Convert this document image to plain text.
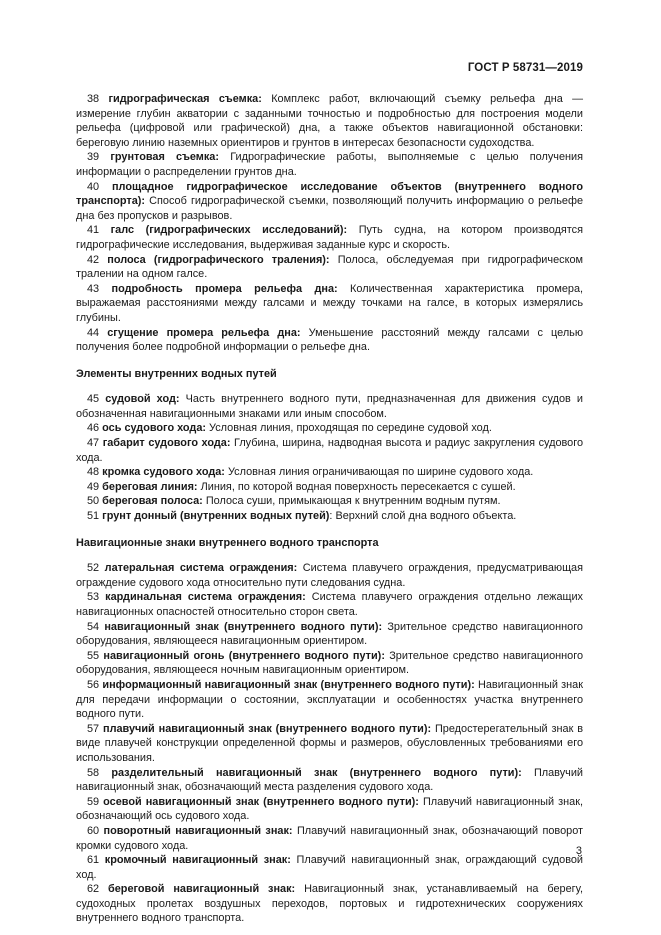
ГОСТ Р 58731—2019

38 гидрографическая съемка: Комплекс работ, включающий съемку рельефа дна — измерение глубин акватории с заданными точностью и подробностью для построения модели рельефа (цифровой или графической) дна, а также объектов навигационной обстановки: береговую линию наземных ориентиров и грунтов в интересах безопасности судоходства.

39 грунтовая съемка: Гидрографические работы, выполняемые с целью получения информации о распределении грунтов дна.

40 площадное гидрографическое исследование объектов (внутреннего водного транспорта): Способ гидрографической съемки, позволяющий получить информацию о рельефе дна без пропусков и разрывов.

41 галс (гидрографических исследований): Путь судна, на котором производятся гидрографические исследования, выдерживая заданные курс и скорость.

42 полоса (гидрографического траления): Полоса, обследуемая при гидрографическом тралении на одном галсе.

43 подробность промера рельефа дна: Количественная характеристика промера, выражаемая расстояниями между галсами и между точками на галсе, в которых измерялись глубины.

44 сгущение промера рельефа дна: Уменьшение расстояний между галсами с целью получения более подробной информации о рельефе дна.

Элементы внутренних водных путей

45 судовой ход: Часть внутреннего водного пути, предназначенная для движения судов и обозначенная навигационными знаками или иным способом.

46 ось судового хода: Условная линия, проходящая по середине судовой ход.

47 габарит судового хода: Глубина, ширина, надводная высота и радиус закругления судового хода.

48 кромка судового хода: Условная линия ограничивающая по ширине судового хода.

49 береговая линия: Линия, по которой водная поверхность пересекается с сушей.

50 береговая полоса: Полоса суши, примыкающая к внутренним водным путям.

51 грунт донный (внутренних водных путей): Верхний слой дна водного объекта.

Навигационные знаки внутреннего водного транспорта

52 латеральная система ограждения: Система плавучего ограждения, предусматривающая ограждение судового хода относительно пути следования судна.

53 кардинальная система ограждения: Система плавучего ограждения отдельно лежащих навигационных опасностей относительно сторон света.

54 навигационный знак (внутреннего водного пути): Зрительное средство навигационного оборудования, являющееся навигационным ориентиром.

55 навигационный огонь (внутреннего водного пути): Зрительное средство навигационного оборудования, являющееся ночным навигационным ориентиром.

56 информационный навигационный знак (внутреннего водного пути): Навигационный знак для передачи информации о состоянии, эксплуатации и особенностях участка внутреннего водного пути.

57 плавучий навигационный знак (внутреннего водного пути): Предостерегательный знак в виде плавучей конструкции определенной формы и размеров, обусловленных требованиями его использования.

58 разделительный навигационный знак (внутреннего водного пути): Плавучий навигационный знак, обозначающий места разделения судового хода.

59 осевой навигационный знак (внутреннего водного пути): Плавучий навигационный знак, обозначающий ось судового хода.

60 поворотный навигационный знак: Плавучий навигационный знак, обозначающий поворот кромки судового хода.

61 кромочный навигационный знак: Плавучий навигационный знак, ограждающий судовой ход.

62 береговой навигационный знак: Навигационный знак, устанавливаемый на берегу, судоходных пролетах воздушных переходов, портовых и гидротехнических сооружениях внутреннего водного транспорта.

3
